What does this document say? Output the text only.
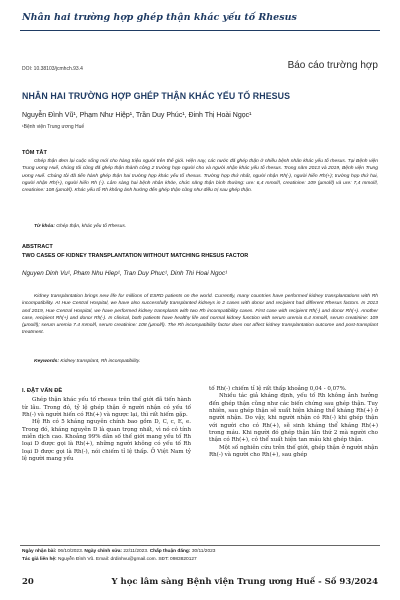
Nhân hai trường hợp ghép thận khác yếu tố Rhesus
DOI: 10.38103/jcmhch.93.4	Báo cáo trường hợp
NHÂN HAI TRƯỜNG HỢP GHÉP THẬN KHÁC YẾU TỐ RHESUS
Nguyễn Đình Vũ¹, Phạm Như Hiệp¹, Trần Duy Phúc¹, Đinh Thị Hoài Ngọc¹
¹Bệnh viện Trung ương Huế
TÓM TẮT
Ghép thận đem lại cuộc sống mới cho hàng triệu người trên thế giới. Hiện nay, các nước đã ghép thận ở nhiều bệnh nhân khác yếu tố rhesus. Tại Bệnh viện Trung ương Huế, chúng tôi cũng đã ghép thận thành công 2 trường hợp người cho và người nhận khác yếu tố rhesus. Trong năm 2013 và 2019, Bệnh viện Trung ương Huế. Chúng tôi đã tiến hành ghép thận hai trường hợp khác yếu tố rhesus. Trường hợp thứ nhất, người nhận Rh(-), người hiến Rh(+); trường hợp thứ hai, người nhận Rh(+), người hiến Rh (-). Lâm sàng hai bệnh nhân khỏe, chức năng thận bình thường: ure: 6,4 mmol/l, creatinine: 109 (µmol/l) và ure: 7,4 mmol/l, creatinine: 108 (µmol/l). Khác yếu tố Rh không ảnh hưởng đến ghép thận cũng như điều trị sau ghép thận.
Từ khóa: Ghép thận, khác yếu tố Rhesus.
ABSTRACT
TWO CASES OF KIDNEY TRANSPLANTATION WITHOUT MATCHING RHESUS FACTOR
Nguyen Dinh Vu¹, Pham Nhu Hiep¹, Tran Duy Phuc¹, Dinh Thi Hoai Ngoc¹
Kidney transplantation brings new life for millions of ESRD patients on the world. Currently, many countries have performed kidney transplantations with Rh incompatibility. At Hue Central Hospital, we have also successfully transplanted kidneys in 2 cases with donor and recipient had different Rhesus factors. In 2013 and 2019, Hue Central Hospital, we have performed kidney transplants with two Rh incompatibility cases. First case with recipient Rh(-) and donor Rh(+). Another case, recipient Rh(+) and donor Rh(-). In clinical, both patients have healthy life and normal kidney function with serum uremia 6.4 mmol/l, serum creatinine: 109 (µmol/l); serum uremia 7.4 mmol/l, serum creatinine: 108 (µmol/l). The Rh incompatibility factor does not affect kidney transplantation outcome and post-transplant treatment.
Keywords: Kidney transplant, Rh incompatibility.

I. ĐẶT VẤN ĐỀ

Ghép thận khác yếu tố rhesus trên thế giới đã tiến hành từ lâu. Trong đó, tỷ lệ ghép thận ở người nhận có yếu tố Rh(-) và người hiến có Rh(+) và ngược lại, thì rất hiếm gặp.

Hệ Rh có 5 kháng nguyên chính bao gồm D, C, c, E, e. Trong đó, kháng nguyên D là quan trọng nhất, vì nó có tính miễn dịch cao. Khoảng 99% dân số thế giới mang yếu tố Rh loại D được gọi là Rh(+), những người không có yếu tố Rh loại D được gọi là Rh(-), nói chiếm tỉ lệ thấp. Ở Việt Nam tỷ lệ người mang yếu

tố Rh(-) chiếm tỉ lệ rất thấp khoảng 0,04 - 0,07%.

Nhiều tác giả kháng định, yếu tố Rh không ảnh hưởng đến ghép thận cũng như các biến chứng sau ghép thận. Tuy nhiên, sau ghép thận sẽ xuất hiện kháng thể kháng Rh(+) ở người nhận. Do vậy, khi người nhận có Rh(-) khi ghép thận với người cho có Rh(+), sẽ sinh kháng thể kháng Rh(+) trong máu. Khi người đó ghép thận lần thứ 2 mà người cho thận có Rh(+), có thể xuất hiện tan máu khi ghép thận.

Một số nghiên cứu trên thế giới, ghép thận ở người nhận Rh(-) và người cho Rh(+), sau ghép

Ngày nhận bài: 06/10/2023. Ngày chỉnh sửa: 22/11/2023. Chấp thuận đăng: 30/11/2023
Tác giả liên hệ: Nguyễn Đình Vũ. Email: drdinhvu@gmail.com. SĐT: 0983820127
20	Y học lâm sàng Bệnh viện Trung ương Huế - Số 93/2024
